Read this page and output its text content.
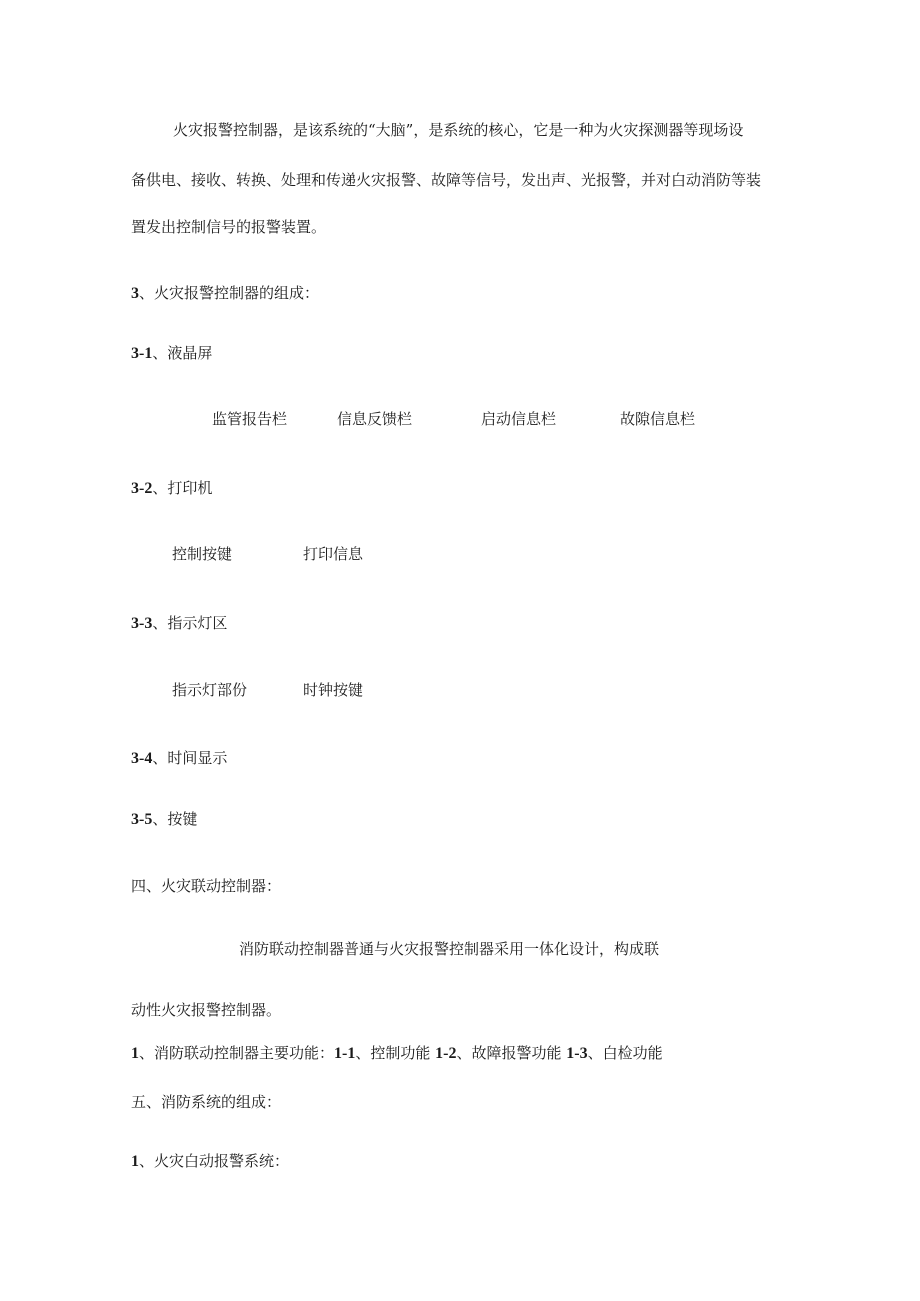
火灾报警控制器，是该系统的“大脑”，是系统的核心，它是一种为火灾探测器等现场设
备供电、接收、转换、处理和传递火灾报警、故障等信号，发出声、光报警，并对白动消防等装
置发出控制信号的报警装置。
3、火灾报警控制器的组成：
3-1、液晶屏
监管报告栏	信息反馈栏	启动信息栏	故隙信息栏
3-2、打印机
控制按键	打印信息
3-3、指示灯区
指示灯部份	时钟按键
3-4、时间显示
3-5、按键
四、火灾联动控制器：
消防联动控制器普通与火灾报警控制器采用一体化设计，构成联
动性火灾报警控制器。
1、消防联动控制器主要功能：1-1、控制功能 1-2、故障报警功能 1-3、白检功能
五、消防系统的组成：
1、火灾白动报警系统：
